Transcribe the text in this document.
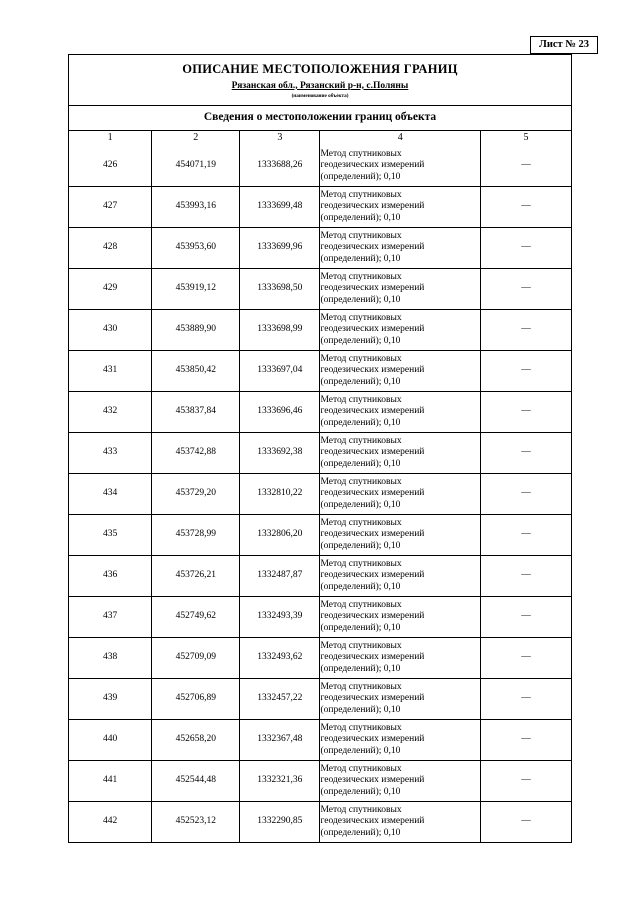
Лист № 23
ОПИСАНИЕ МЕСТОПОЛОЖЕНИЯ ГРАНИЦ
Рязанская обл., Рязанский р-н, с.Поляны
(наименование объекта)
Сведения о местоположении границ объекта
1	2	3	4	5
426	454071,19	1333688,26	Метод спутниковых
геодезических измерений
(определений); 0,10	—
427	453993,16	1333699,48	Метод спутниковых
геодезических измерений
(определений); 0,10	—
428	453953,60	1333699,96	Метод спутниковых
геодезических измерений
(определений); 0,10	—
429	453919,12	1333698,50	Метод спутниковых
геодезических измерений
(определений); 0,10	—
430	453889,90	1333698,99	Метод спутниковых
геодезических измерений
(определений); 0,10	—
431	453850,42	1333697,04	Метод спутниковых
геодезических измерений
(определений); 0,10	—
432	453837,84	1333696,46	Метод спутниковых
геодезических измерений
(определений); 0,10	—
433	453742,88	1333692,38	Метод спутниковых
геодезических измерений
(определений); 0,10	—
434	453729,20	1332810,22	Метод спутниковых
геодезических измерений
(определений); 0,10	—
435	453728,99	1332806,20	Метод спутниковых
геодезических измерений
(определений); 0,10	—
436	453726,21	1332487,87	Метод спутниковых
геодезических измерений
(определений); 0,10	—
437	452749,62	1332493,39	Метод спутниковых
геодезических измерений
(определений); 0,10	—
438	452709,09	1332493,62	Метод спутниковых
геодезических измерений
(определений); 0,10	—
439	452706,89	1332457,22	Метод спутниковых
геодезических измерений
(определений); 0,10	—
440	452658,20	1332367,48	Метод спутниковых
геодезических измерений
(определений); 0,10	—
441	452544,48	1332321,36	Метод спутниковых
геодезических измерений
(определений); 0,10	—
442	452523,12	1332290,85	Метод спутниковых
геодезических измерений
(определений); 0,10	—
